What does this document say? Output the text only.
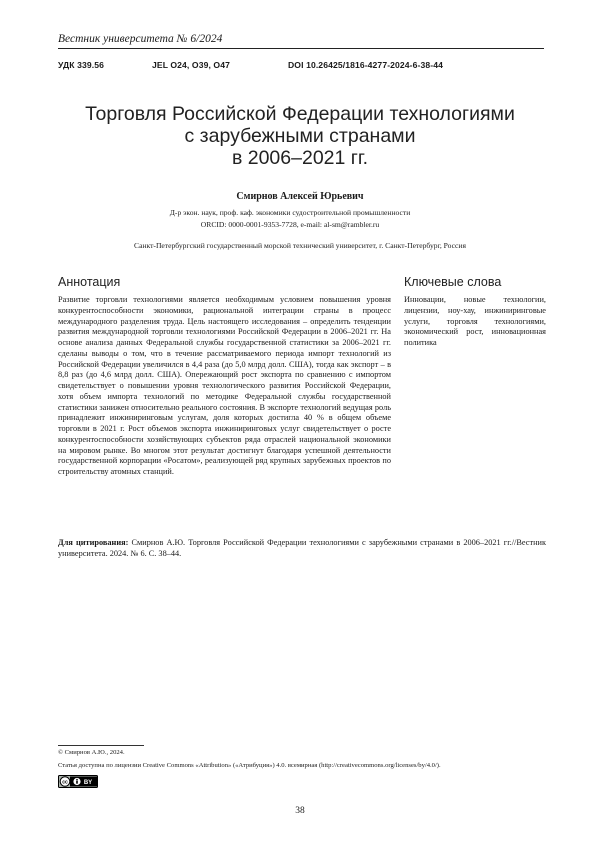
Вестник университета № 6/2024
УДК 339.56	JEL O24, O39, O47	DOI 10.26425/1816-4277-2024-6-38-44
Торговля Российской Федерации технологиями
с зарубежными странами
в 2006–2021 гг.
Смирнов Алексей Юрьевич
Д-р экон. наук, проф. каф. экономики судостроительной промышленности
ORCID: 0000-0001-9353-7728, e-mail: al-sm@rambler.ru
Санкт-Петербургский государственный морской технический университет, г. Санкт-Петербург, Россия
Аннотация	Ключевые слова
Развитие торговли технологиями является необходимым условием повышения уровня конкурентоспособности экономики, рациональной интеграции страны в процесс международного разделения труда. Цель настоящего исследования – определить тенденции развития международной торговли технологиями Российской Федерации в 2006–2021 гг. На основе анализа данных Федеральной службы государственной статистики за 2006–2021 гг. сделаны выводы о том, что в течение рассматриваемого периода импорт технологий из Российской Федерации увеличился в 4,4 раза (до 5,0 млрд долл. США), тогда как экспорт – в 8,8 раз (до 4,6 млрд долл. США). Опережающий рост экспорта по сравнению с импортом свидетельствует о повышении уровня технологического развития Российской Федерации, хотя объем импорта технологий по методике Федеральной службы государственной статистики занижен относительно реального состояния. В экспорте технологий ведущая роль принадлежит инжиниринговым услугам, доля которых достигла 40 % в общем объеме торговли в 2021 г. Рост объемов экспорта инжиниринговых услуг свидетельствует о росте конкурентоспособности хозяйствующих субъектов ряда отраслей национальной экономики на мировом рынке. Во многом этот результат достигнут благодаря успешной деятельности государственной корпорации «Росатом», реализующей ряд крупных зарубежных проектов по строительству атомных станций.
Инновации, новые технологии, лицензии, ноу-хау, инжиниринговые услуги, торговля технологиями, экономический рост, инновационная политика
Для цитирования: Смирнов А.Ю. Торговля Российской Федерации технологиями с зарубежными странами в 2006–2021 гг.//Вестник университета. 2024. № 6. С. 38–44.
© Смирнов А.Ю., 2024.
Статья доступна по лицензии Creative Commons «Attribution» («Атрибуция») 4.0. всемирная (http://creativecommons.org/licenses/by/4.0/).
cc	BY
38
